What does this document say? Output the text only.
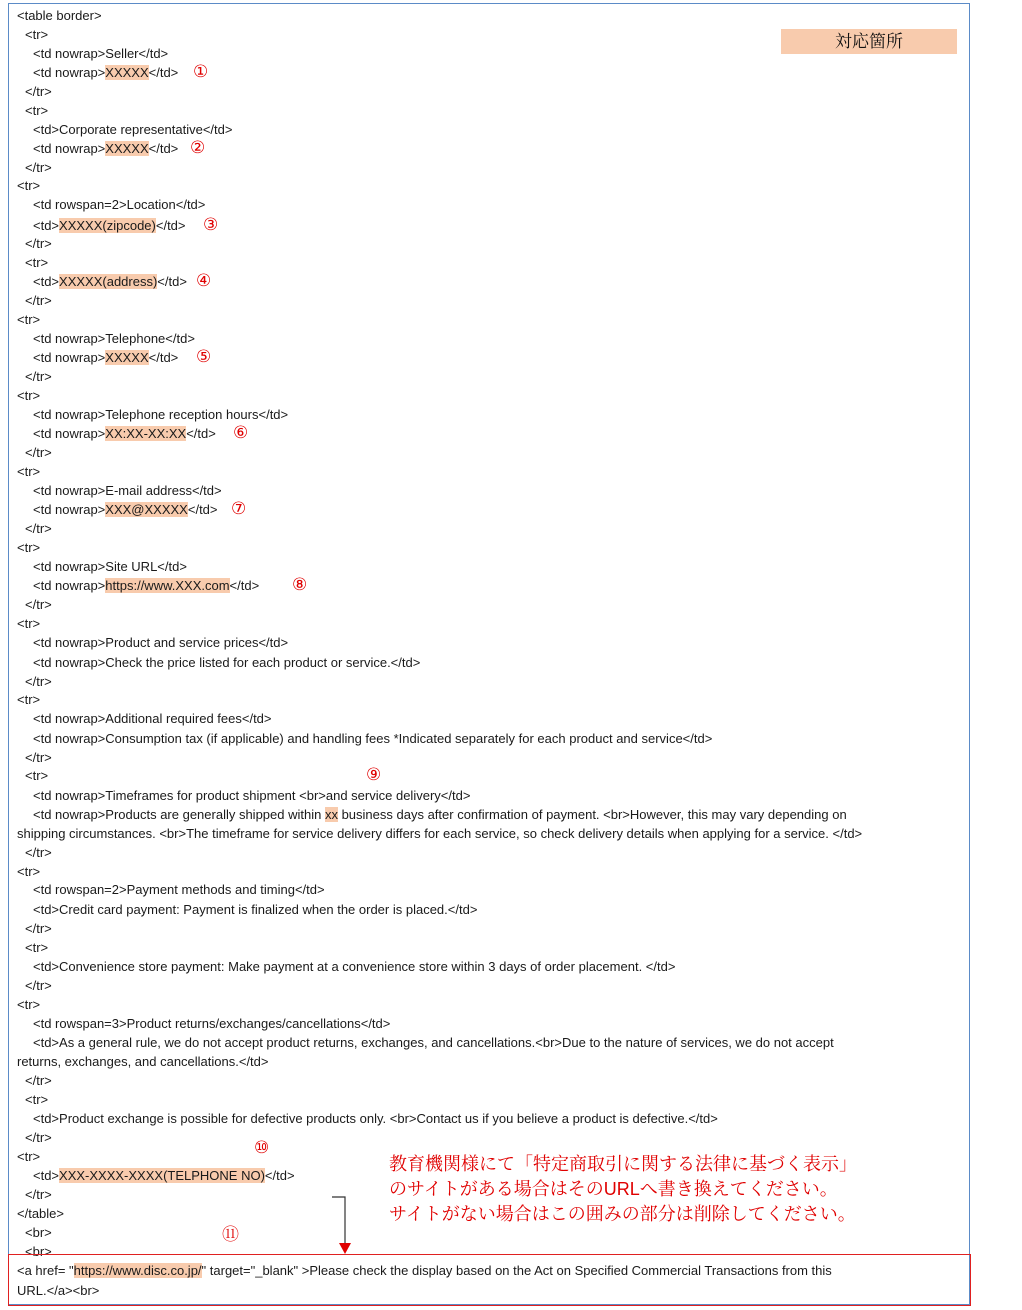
<table border>
<tr>
<td nowrap>Seller</td>
<td nowrap>XXXXX</td> ①
</tr>
<tr>
<td>Corporate representative</td>
<td nowrap>XXXXX</td> ②
</tr>
<tr>
<td rowspan=2>Location</td>
<td>XXXXX(zipcode)</td> ③
</tr>
<tr>
<td>XXXXX(address)</td> ④
</tr>
<tr>
<td nowrap>Telephone</td>
<td nowrap>XXXXX</td> ⑤
</tr>
<tr>
<td nowrap>Telephone reception hours</td>
<td nowrap>XX:XX-XX:XX</td> ⑥
</tr>
<tr>
<td nowrap>E-mail address</td>
<td nowrap>XXX@XXXXX</td> ⑦
</tr>
<tr>
<td nowrap>Site URL</td>
<td nowrap>https://www.XXX.com</td> ⑧
</tr>
<tr>
<td nowrap>Product and service prices</td>
<td nowrap>Check the price listed for each product or service.</td>
</tr>
<tr>
<td nowrap>Additional required fees</td>
<td nowrap>Consumption tax (if applicable) and handling fees *Indicated separately for each product and service</td>
</tr>
<tr>	⑨
<td nowrap>Timeframes for product shipment <br>and service delivery</td>
<td nowrap>Products are generally shipped within xx business days after confirmation of payment. <br>However, this may vary depending on
shipping circumstances. <br>The timeframe for service delivery differs for each service, so check delivery details when applying for a service. </td>
</tr>
<tr>
<td rowspan=2>Payment methods and timing</td>
<td>Credit card payment: Payment is finalized when the order is placed.</td>
</tr>
<tr>
<td>Convenience store payment: Make payment at a convenience store within 3 days of order placement. </td>
</tr>
<tr>
<td rowspan=3>Product returns/exchanges/cancellations</td>
<td>As a general rule, we do not accept product returns, exchanges, and cancellations.<br>Due to the nature of services, we do not accept
returns, exchanges, and cancellations.</td>
</tr>
<tr>
<td>Product exchange is possible for defective products only. <br>Contact us if you believe a product is defective.</td>
</tr>
<tr>	⑩
<td>XXX-XXXX-XXXX(TELPHONE NO)</td>
</tr>
</table>
<br>	⑪
<br>
<a href= "https://www.disc.co.jp/" target="_blank" >Please check the display based on the Act on Specified Commercial Transactions from this
URL.</a><br>
対応箇所
教育機関様にて「特定商取引に関する法律に基づく表示」
のサイトがある場合はそのURLへ書き換えてください。
サイトがない場合はこの囲みの部分は削除してください。
